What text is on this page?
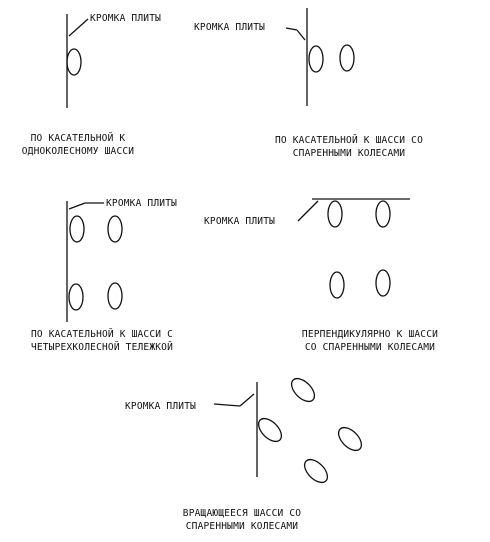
КРОМКА ПЛИТЫ
КРОМКА ПЛИТЫ
КРОМКА ПЛИТЫ
КРОМКА ПЛИТЫ
КРОМКА ПЛИТЫ
ПО КАСАТЕЛЬНОЙ К
ОДНОКОЛЕСНОМУ ШАССИ
ПО КАСАТЕЛЬНОЙ К ШАССИ СО
СПАРЕННЫМИ КОЛЕСАМИ
ПО КАСАТЕЛЬНОЙ К ШАССИ С
ЧЕТЫРЕХКОЛЕСНОЙ ТЕЛЕЖКОЙ
ПЕРПЕНДИКУЛЯРНО К ШАССИ
СО СПАРЕННЫМИ КОЛЕСАМИ
ВРАЩАЮЩЕЕСЯ ШАССИ СО
СПАРЕННЫМИ КОЛЕСАМИ
